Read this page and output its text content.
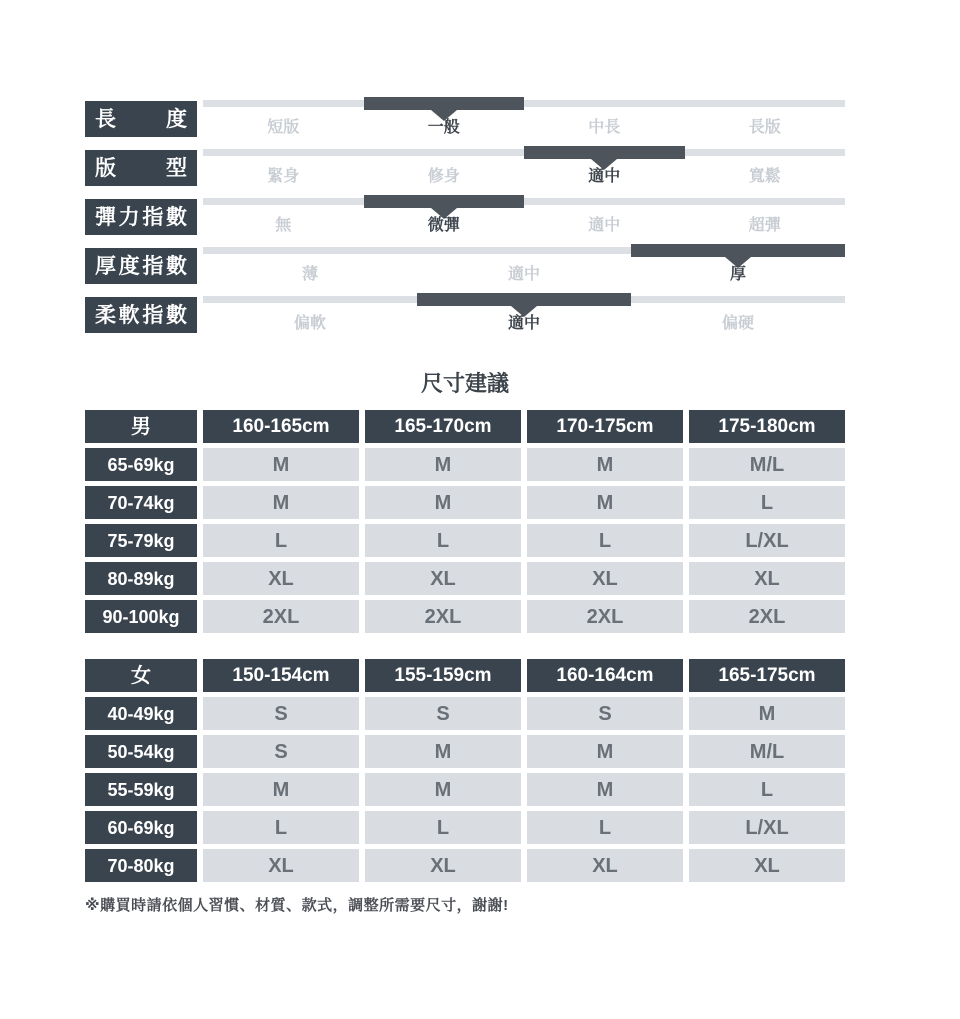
長 度	短版	一般	中長	長版
版 型	緊身	修身	適中	寬鬆
彈 力 指 數	無	微彈	適中	超彈
厚 度 指 數	薄	適中	厚
柔 軟 指 數	偏軟	適中	偏硬
尺寸建議
男	160-165cm	165-170cm	170-175cm	175-180cm
65-69kg	M	M	M	M/L
70-74kg	M	M	M	L
75-79kg	L	L	L	L/XL
80-89kg	XL	XL	XL	XL
90-100kg	2XL	2XL	2XL	2XL
女	150-154cm	155-159cm	160-164cm	165-175cm
40-49kg	S	S	S	M
50-54kg	S	M	M	M/L
55-59kg	M	M	M	L
60-69kg	L	L	L	L/XL
70-80kg	XL	XL	XL	XL

※購買時請依個人習慣、材質、款式，調整所需要尺寸，謝謝!
